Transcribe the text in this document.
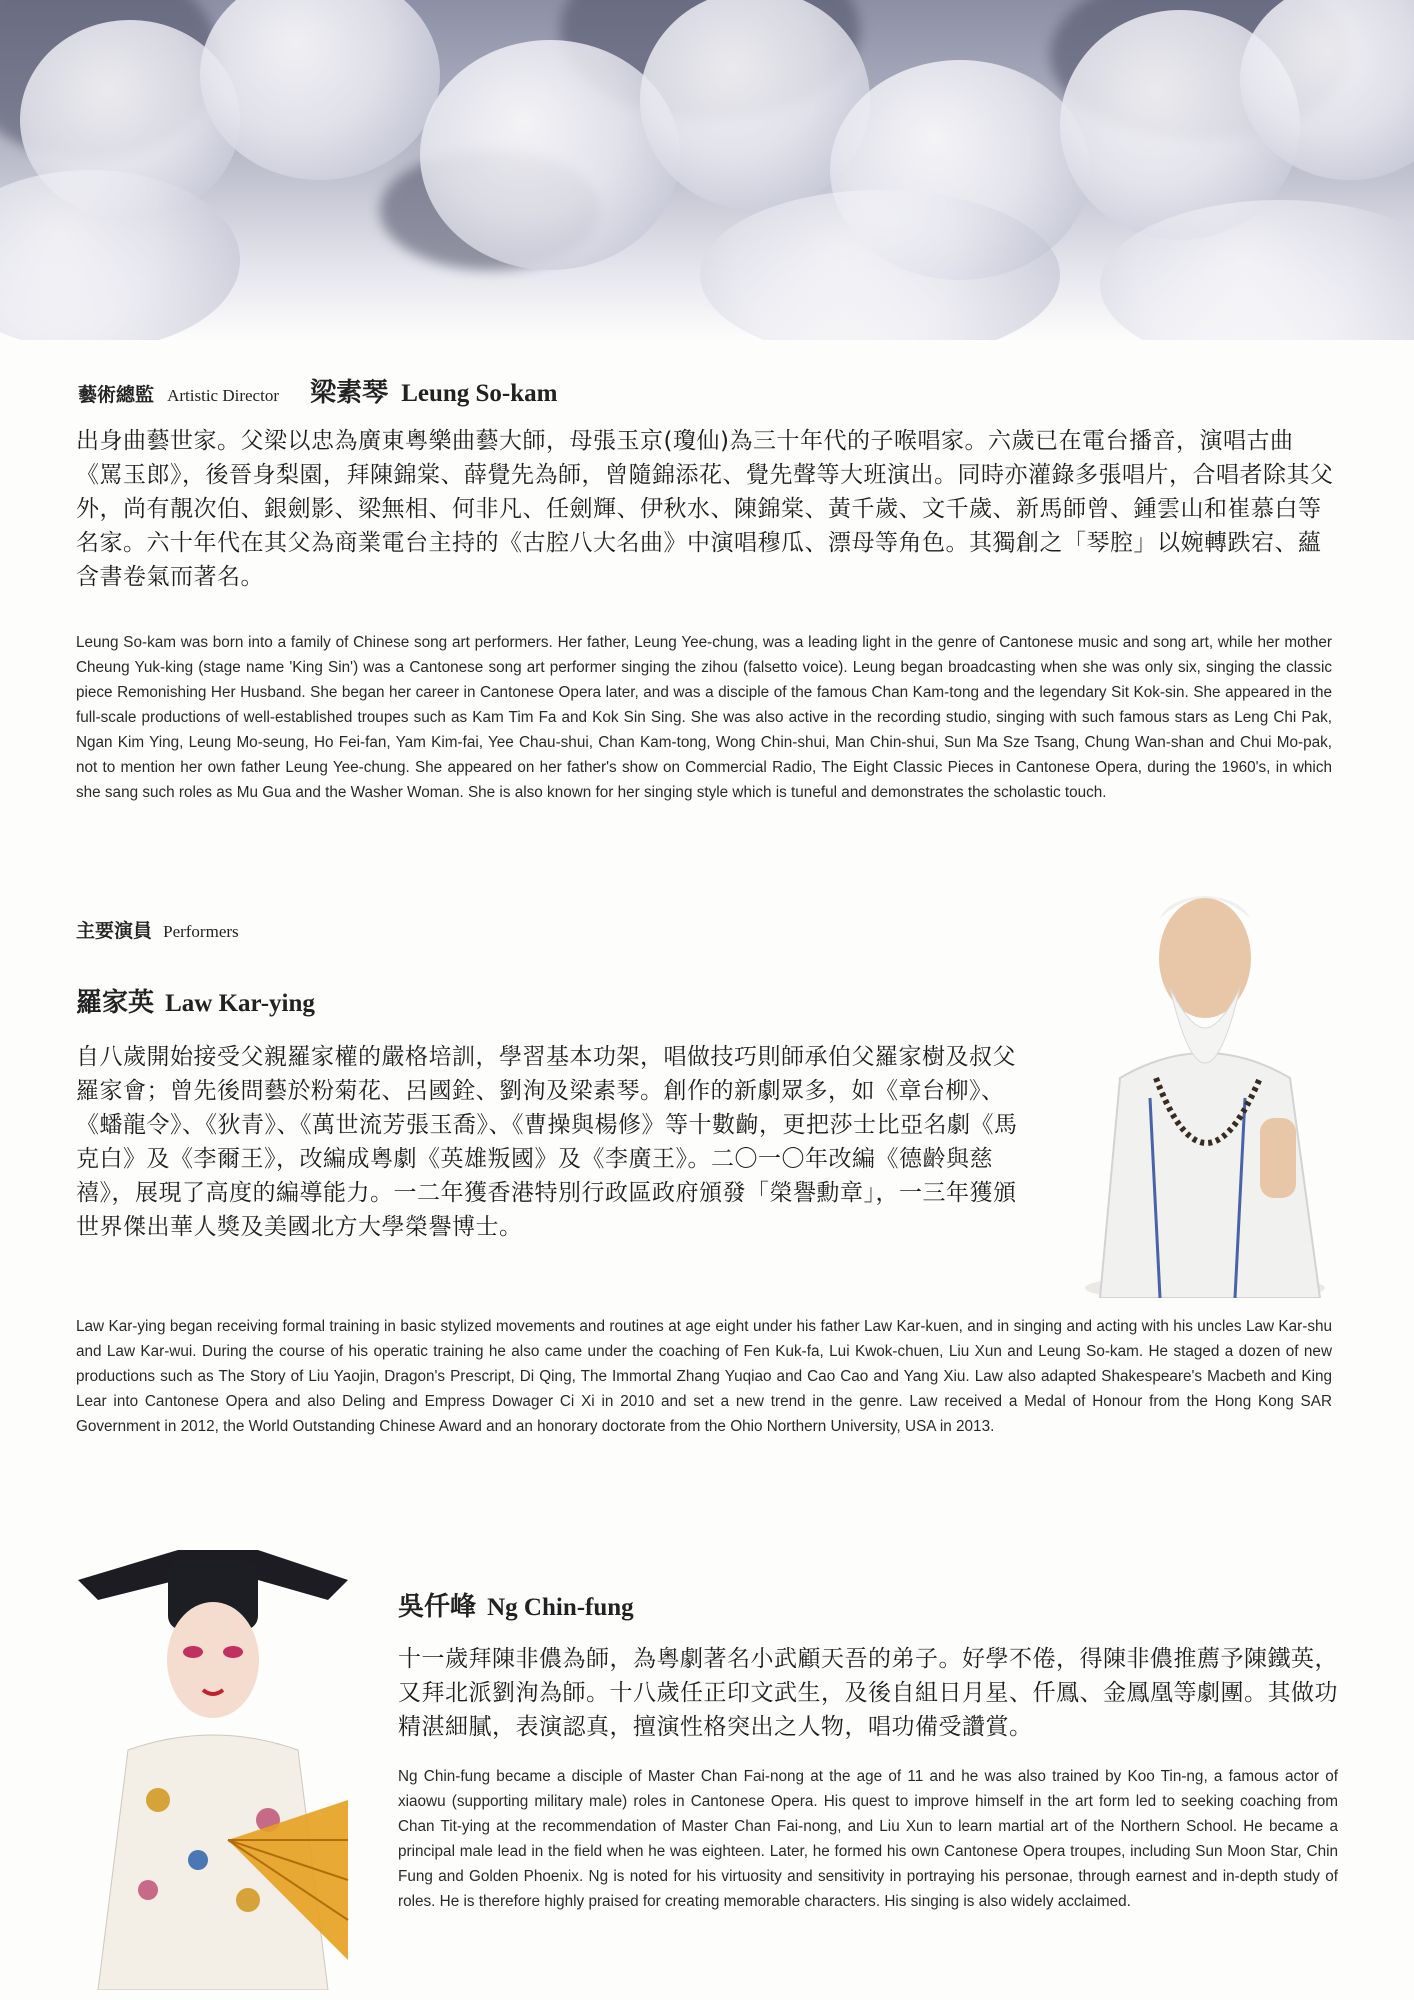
藝術總監 Artistic Director 梁素琴 Leung So-kam

出身曲藝世家。父梁以忠為廣東粵樂曲藝大師，母張玉京(瓊仙)為三十年代的子喉唱家。六歲已在電台播音，演唱古曲《罵玉郎》，後晉身梨園，拜陳錦棠、薛覺先為師，曾隨錦添花、覺先聲等大班演出。同時亦灌錄多張唱片，合唱者除其父外，尚有靚次伯、銀劍影、梁無相、何非凡、任劍輝、伊秋水、陳錦棠、黃千歲、文千歲、新馬師曾、鍾雲山和崔慕白等名家。六十年代在其父為商業電台主持的《古腔八大名曲》中演唱穆瓜、漂母等角色。其獨創之「琴腔」以婉轉跌宕、蘊含書卷氣而著名。

Leung So-kam was born into a family of Chinese song art performers. Her father, Leung Yee-chung, was a leading light in the genre of Cantonese music and song art, while her mother Cheung Yuk-king (stage name 'King Sin') was a Cantonese song art performer singing the zihou (falsetto voice). Leung began broadcasting when she was only six, singing the classic piece Remonishing Her Husband. She began her career in Cantonese Opera later, and was a disciple of the famous Chan Kam-tong and the legendary Sit Kok-sin. She appeared in the full-scale productions of well-established troupes such as Kam Tim Fa and Kok Sin Sing. She was also active in the recording studio, singing with such famous stars as Leng Chi Pak, Ngan Kim Ying, Leung Mo-seung, Ho Fei-fan, Yam Kim-fai, Yee Chau-shui, Chan Kam-tong, Wong Chin-shui, Man Chin-shui, Sun Ma Sze Tsang, Chung Wan-shan and Chui Mo-pak, not to mention her own father Leung Yee-chung. She appeared on her father's show on Commercial Radio, The Eight Classic Pieces in Cantonese Opera, during the 1960's, in which she sang such roles as Mu Gua and the Washer Woman. She is also known for her singing style which is tuneful and demonstrates the scholastic touch.

主要演員 Performers
羅家英 Law Kar-ying

自八歲開始接受父親羅家權的嚴格培訓，學習基本功架，唱做技巧則師承伯父羅家樹及叔父羅家會；曾先後問藝於粉菊花、呂國銓、劉洵及梁素琴。創作的新劇眾多，如《章台柳》、《蟠龍令》、《狄青》、《萬世流芳張玉喬》、《曹操與楊修》等十數齣，更把莎士比亞名劇《馬克白》及《李爾王》，改編成粵劇《英雄叛國》及《李廣王》。二〇一〇年改編《德齡與慈禧》，展現了高度的編導能力。一二年獲香港特別行政區政府頒發「榮譽勳章」，一三年獲頒世界傑出華人獎及美國北方大學榮譽博士。

Law Kar-ying began receiving formal training in basic stylized movements and routines at age eight under his father Law Kar-kuen, and in singing and acting with his uncles Law Kar-shu and Law Kar-wui. During the course of his operatic training he also came under the coaching of Fen Kuk-fa, Lui Kwok-chuen, Liu Xun and Leung So-kam. He staged a dozen of new productions such as The Story of Liu Yaojin, Dragon's Prescript, Di Qing, The Immortal Zhang Yuqiao and Cao Cao and Yang Xiu. Law also adapted Shakespeare's Macbeth and King Lear into Cantonese Opera and also Deling and Empress Dowager Ci Xi in 2010 and set a new trend in the genre. Law received a Medal of Honour from the Hong Kong SAR Government in 2012, the World Outstanding Chinese Award and an honorary doctorate from the Ohio Northern University, USA in 2013.

吳仟峰 Ng Chin-fung

十一歲拜陳非儂為師，為粵劇著名小武顧天吾的弟子。好學不倦，得陳非儂推薦予陳鐵英，又拜北派劉洵為師。十八歲任正印文武生，及後自組日月星、仟鳳、金鳳凰等劇團。其做功精湛細膩，表演認真，擅演性格突出之人物，唱功備受讚賞。

Ng Chin-fung became a disciple of Master Chan Fai-nong at the age of 11 and he was also trained by Koo Tin-ng, a famous actor of xiaowu (supporting military male) roles in Cantonese Opera. His quest to improve himself in the art form led to seeking coaching from Chan Tit-ying at the recommendation of Master Chan Fai-nong, and Liu Xun to learn martial art of the Northern School. He became a principal male lead in the field when he was eighteen. Later, he formed his own Cantonese Opera troupes, including Sun Moon Star, Chin Fung and Golden Phoenix. Ng is noted for his virtuosity and sensitivity in portraying his personae, through earnest and in-depth study of roles. He is therefore highly praised for creating memorable characters. His singing is also widely acclaimed.
